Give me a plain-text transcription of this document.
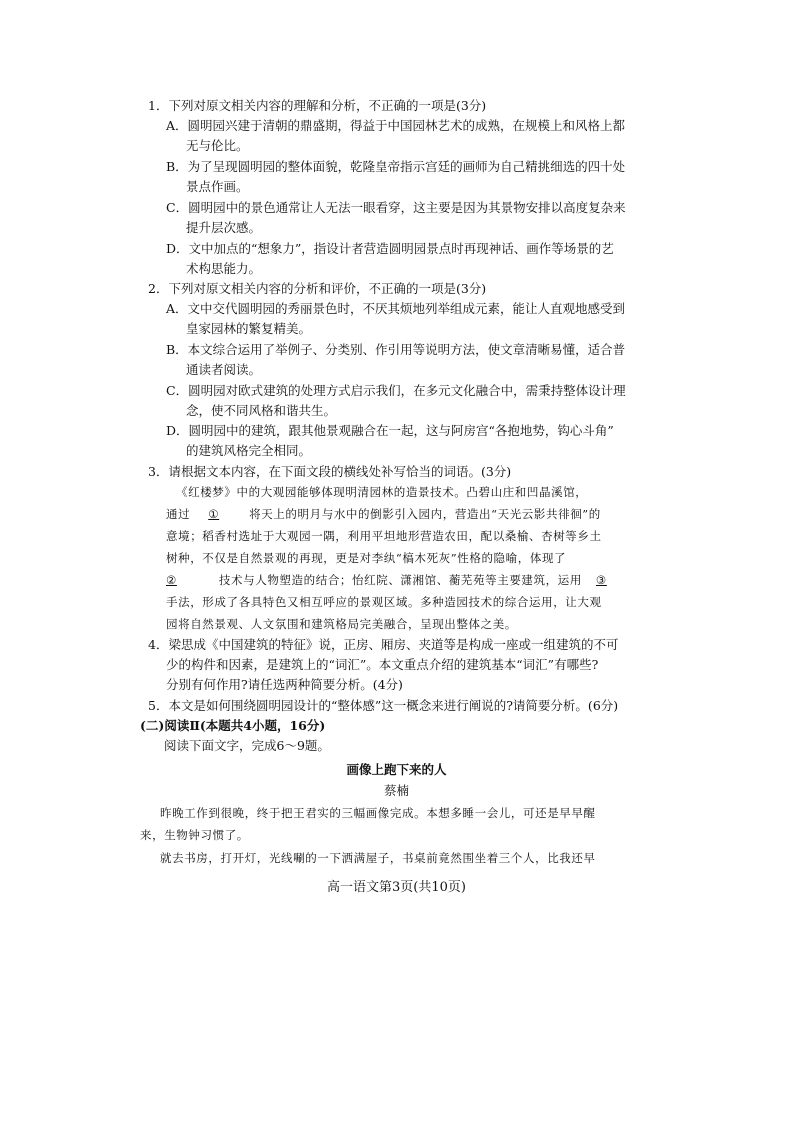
1．下列对原文相关内容的理解和分析，不正确的一项是(3分)
A．圆明园兴建于清朝的鼎盛期，得益于中国园林艺术的成熟，在规模上和风格上都
无与伦比。
B．为了呈现圆明园的整体面貌，乾隆皇帝指示宫廷的画师为自己精挑细选的四十处
景点作画。
C．圆明园中的景色通常让人无法一眼看穿，这主要是因为其景物安排以高度复杂来
提升层次感。
D．文中加点的“想象力”，指设计者营造圆明园景点时再现神话、画作等场景的艺
术构思能力。
2．下列对原文相关内容的分析和评价，不正确的一项是(3分)
A．文中交代圆明园的秀丽景色时，不厌其烦地列举组成元素，能让人直观地感受到
皇家园林的繁复精美。
B．本文综合运用了举例子、分类别、作引用等说明方法，使文章清晰易懂，适合普
通读者阅读。
C．圆明园对欧式建筑的处理方式启示我们，在多元文化融合中，需秉持整体设计理
念，使不同风格和谐共生。
D．圆明园中的建筑，跟其他景观融合在一起，这与阿房宫“各抱地势，钩心斗角”
的建筑风格完全相同。
3．请根据文本内容，在下面文段的横线处补写恰当的词语。(3分)
《红楼梦》中的大观园能够体现明清园林的造景技术。凸碧山庄和凹晶溪馆，
通过 ①	将天上的明月与水中的倒影引入园内，营造出“天光云影共徘徊”的
意境；稻香村选址于大观园一隅，利用平坦地形营造农田，配以桑榆、杏树等乡土
树种，不仅是自然景观的再现，更是对李纨“槁木死灰”性格的隐喻，体现了
②	技术与人物塑造的结合；怡红院、潇湘馆、蘅芜苑等主要建筑，运用 ③
手法，形成了各具特色又相互呼应的景观区域。多种造园技术的综合运用，让大观
园将自然景观、人文氛围和建筑格局完美融合，呈现出整体之美。
4．梁思成《中国建筑的特征》说，正房、厢房、夹道等是构成一座或一组建筑的不可
少的构件和因素，是建筑上的“词汇”。本文重点介绍的建筑基本“词汇”有哪些?
分别有何作用?请任选两种简要分析。(4分)
5．本文是如何围绕圆明园设计的“整体感”这一概念来进行阐说的?请简要分析。(6分)
(二)阅读Ⅱ(本题共4小题，16分)
阅读下面文字，完成6～9题。
画像上跑下来的人
蔡楠
昨晚工作到很晚，终于把王君实的三幅画像完成。本想多睡一会儿，可还是早早醒
来，生物钟习惯了。
就去书房，打开灯，光线唰的一下洒满屋子，书桌前竟然围坐着三个人，比我还早
高一语文第3页(共10页)
